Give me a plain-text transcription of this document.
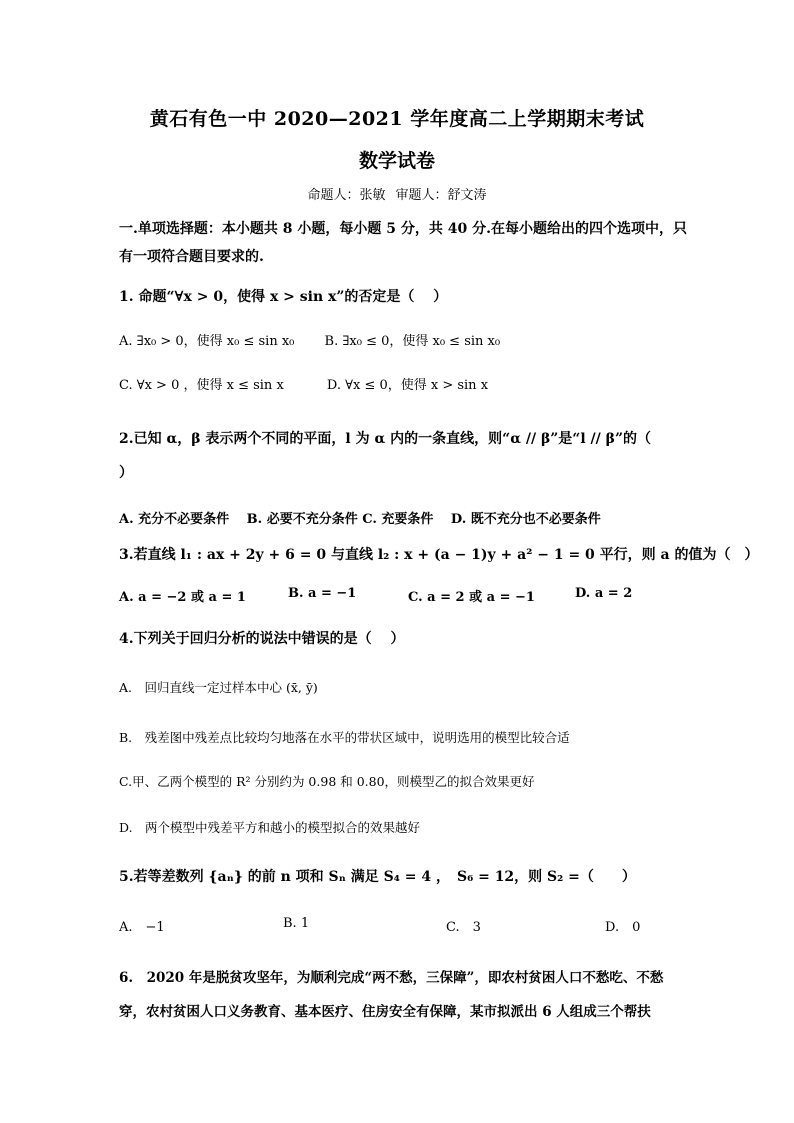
黄石有色一中 2020—2021 学年度高二上学期期末考试
数学试卷
命题人：张敏 审题人：舒文涛
一.单项选择题：本小题共 8 小题，每小题 5 分，共 40 分.在每小题给出的四个选项中，只
有一项符合题目要求的.
1. 命题“∀x > 0，使得 x > sin x”的否定是（　 ）
A. ∃x₀ > 0，使得 x₀ ≤ sin x₀　　 B. ∃x₀ ≤ 0，使得 x₀ ≤ sin x₀
C. ∀x > 0 ，使得 x ≤ sin x　　　 D. ∀x ≤ 0，使得 x > sin x
2.已知 α，β 表示两个不同的平面，l 为 α 内的一条直线，则“α // β”是“l // β”的（
）
A. 充分不必要条件　 B. 必要不充分条件 C. 充要条件　 D. 既不充分也不必要条件
3.若直线 l₁ : ax + 2y + 6 = 0 与直线 l₂ : x + (a − 1)y + a² − 1 = 0 平行，则 a 的值为（　）
A. a = −2 或 a = 1	B. a = −1	C. a = 2 或 a = −1	D. a = 2
4.下列关于回归分析的说法中错误的是（　 ）
A.　回归直线一定过样本中心 (x̄, ȳ)
B.　残差图中残差点比较均匀地落在水平的带状区域中，说明选用的模型比较合适
C.甲、乙两个模型的 R² 分别约为 0.98 和 0.80，则模型乙的拟合效果更好
D.　两个模型中残差平方和越小的模型拟合的效果越好
5.若等差数列 {aₙ} 的前 n 项和 Sₙ 满足 S₄ = 4 ，　S₆ = 12，则 S₂ =（　　）
A.　−1	B. 1	C.　3	D.　0
6.　2020 年是脱贫攻坚年，为顺利完成“两不愁，三保障”，即农村贫困人口不愁吃、不愁
穿，农村贫困人口义务教育、基本医疗、住房安全有保障，某市拟派出 6 人组成三个帮扶
